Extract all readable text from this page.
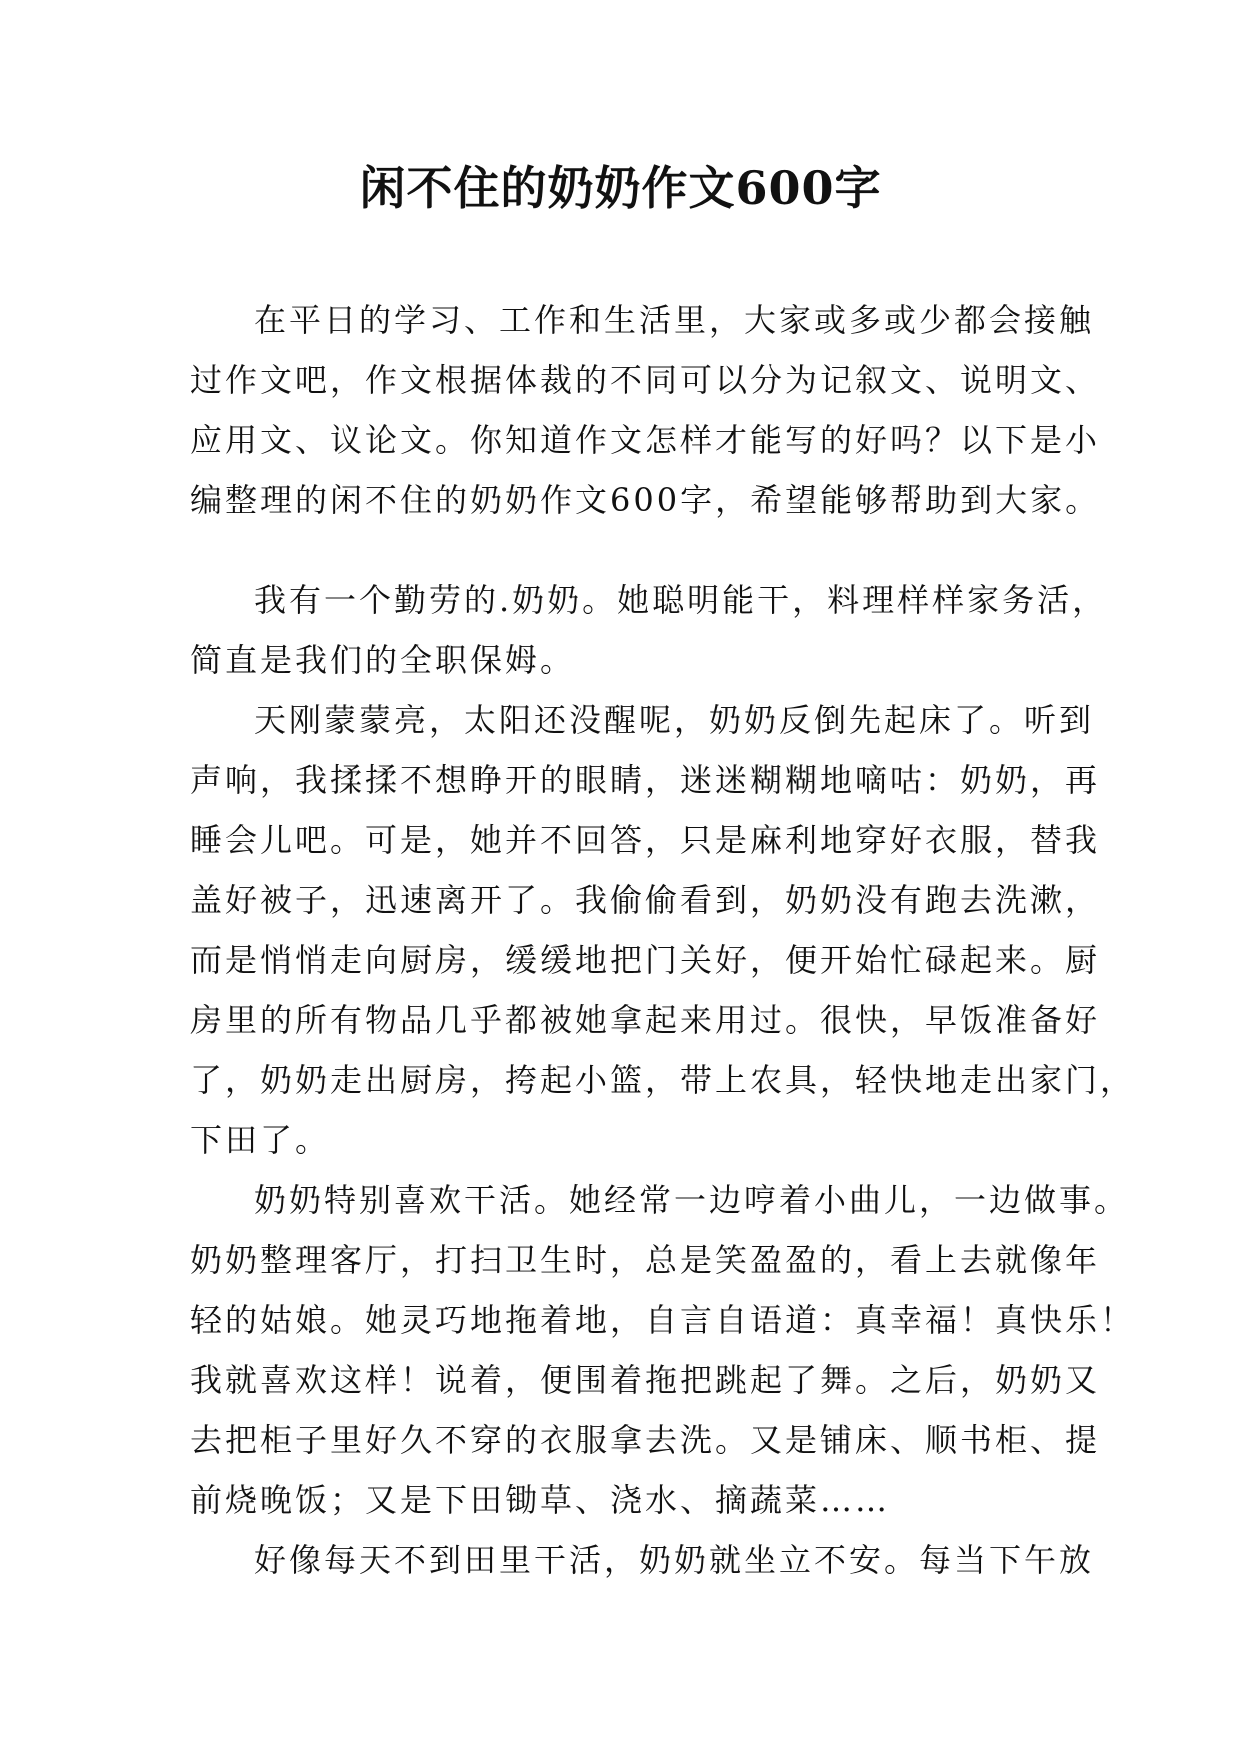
闲不住的奶奶作文600字

在平日的学习、工作和生活里，大家或多或少都会接触
过作文吧，作文根据体裁的不同可以分为记叙文、说明文、
应用文、议论文。你知道作文怎样才能写的好吗？以下是小
编整理的闲不住的奶奶作文600字，希望能够帮助到大家。

我有一个勤劳的.奶奶。她聪明能干，料理样样家务活，
简直是我们的全职保姆。

天刚蒙蒙亮，太阳还没醒呢，奶奶反倒先起床了。听到
声响，我揉揉不想睁开的眼睛，迷迷糊糊地嘀咕：奶奶，再
睡会儿吧。可是，她并不回答，只是麻利地穿好衣服，替我
盖好被子，迅速离开了。我偷偷看到，奶奶没有跑去洗漱，
而是悄悄走向厨房，缓缓地把门关好，便开始忙碌起来。厨
房里的所有物品几乎都被她拿起来用过。很快，早饭准备好
了，奶奶走出厨房，挎起小篮，带上农具，轻快地走出家门，
下田了。

奶奶特别喜欢干活。她经常一边哼着小曲儿，一边做事。
奶奶整理客厅，打扫卫生时，总是笑盈盈的，看上去就像年
轻的姑娘。她灵巧地拖着地，自言自语道：真幸福！真快乐！
我就喜欢这样！说着，便围着拖把跳起了舞。之后，奶奶又
去把柜子里好久不穿的衣服拿去洗。又是铺床、顺书柜、提
前烧晚饭；又是下田锄草、浇水、摘蔬菜……

好像每天不到田里干活，奶奶就坐立不安。每当下午放
